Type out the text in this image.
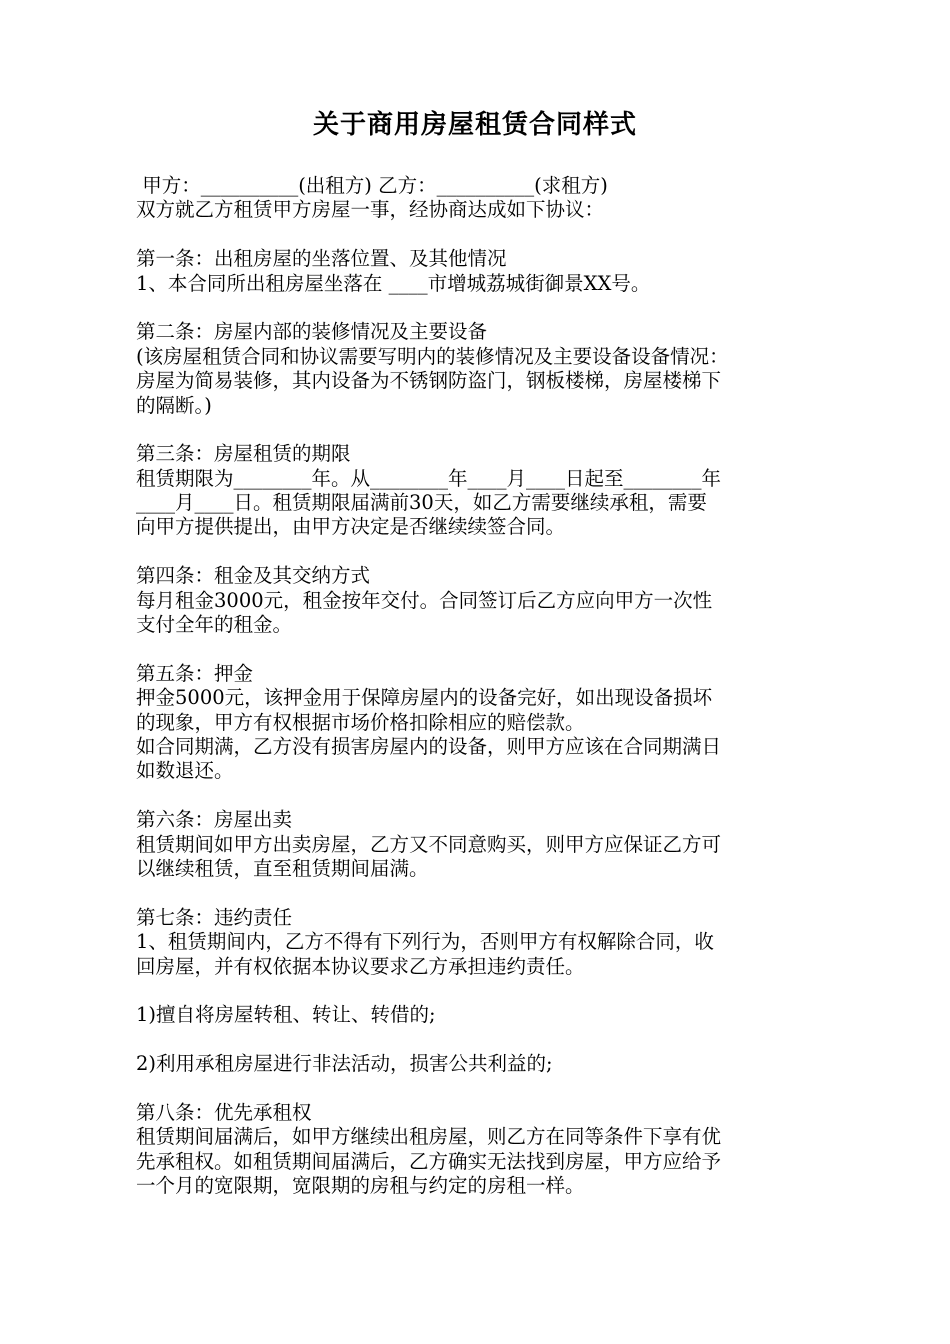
关于商用房屋租赁合同样式
甲方：__________(出租方) 乙方：__________(求租方)
双方就乙方租赁甲方房屋一事，经协商达成如下协议：
第一条：出租房屋的坐落位置、及其他情况
1、本合同所出租房屋坐落在 ____市增城荔城街御景XX号。
第二条：房屋内部的装修情况及主要设备
(该房屋租赁合同和协议需要写明内的装修情况及主要设备设备情况：
房屋为简易装修，其内设备为不锈钢防盗门，钢板楼梯，房屋楼梯下
的隔断。)
第三条：房屋租赁的期限
租赁期限为________年。从________年____月____日起至________年
____月____日。租赁期限届满前30天，如乙方需要继续承租，需要
向甲方提供提出，由甲方决定是否继续续签合同。
第四条：租金及其交纳方式
每月租金3000元，租金按年交付。合同签订后乙方应向甲方一次性
支付全年的租金。
第五条：押金
押金5000元，该押金用于保障房屋内的设备完好，如出现设备损坏
的现象，甲方有权根据市场价格扣除相应的赔偿款。
如合同期满，乙方没有损害房屋内的设备，则甲方应该在合同期满日
如数退还。
第六条：房屋出卖
租赁期间如甲方出卖房屋，乙方又不同意购买，则甲方应保证乙方可
以继续租赁，直至租赁期间届满。
第七条：违约责任
1、租赁期间内，乙方不得有下列行为，否则甲方有权解除合同，收
回房屋，并有权依据本协议要求乙方承担违约责任。
1)擅自将房屋转租、转让、转借的;
2)利用承租房屋进行非法活动，损害公共利益的;
第八条：优先承租权
租赁期间届满后，如甲方继续出租房屋，则乙方在同等条件下享有优
先承租权。如租赁期间届满后，乙方确实无法找到房屋，甲方应给予
一个月的宽限期，宽限期的房租与约定的房租一样。
